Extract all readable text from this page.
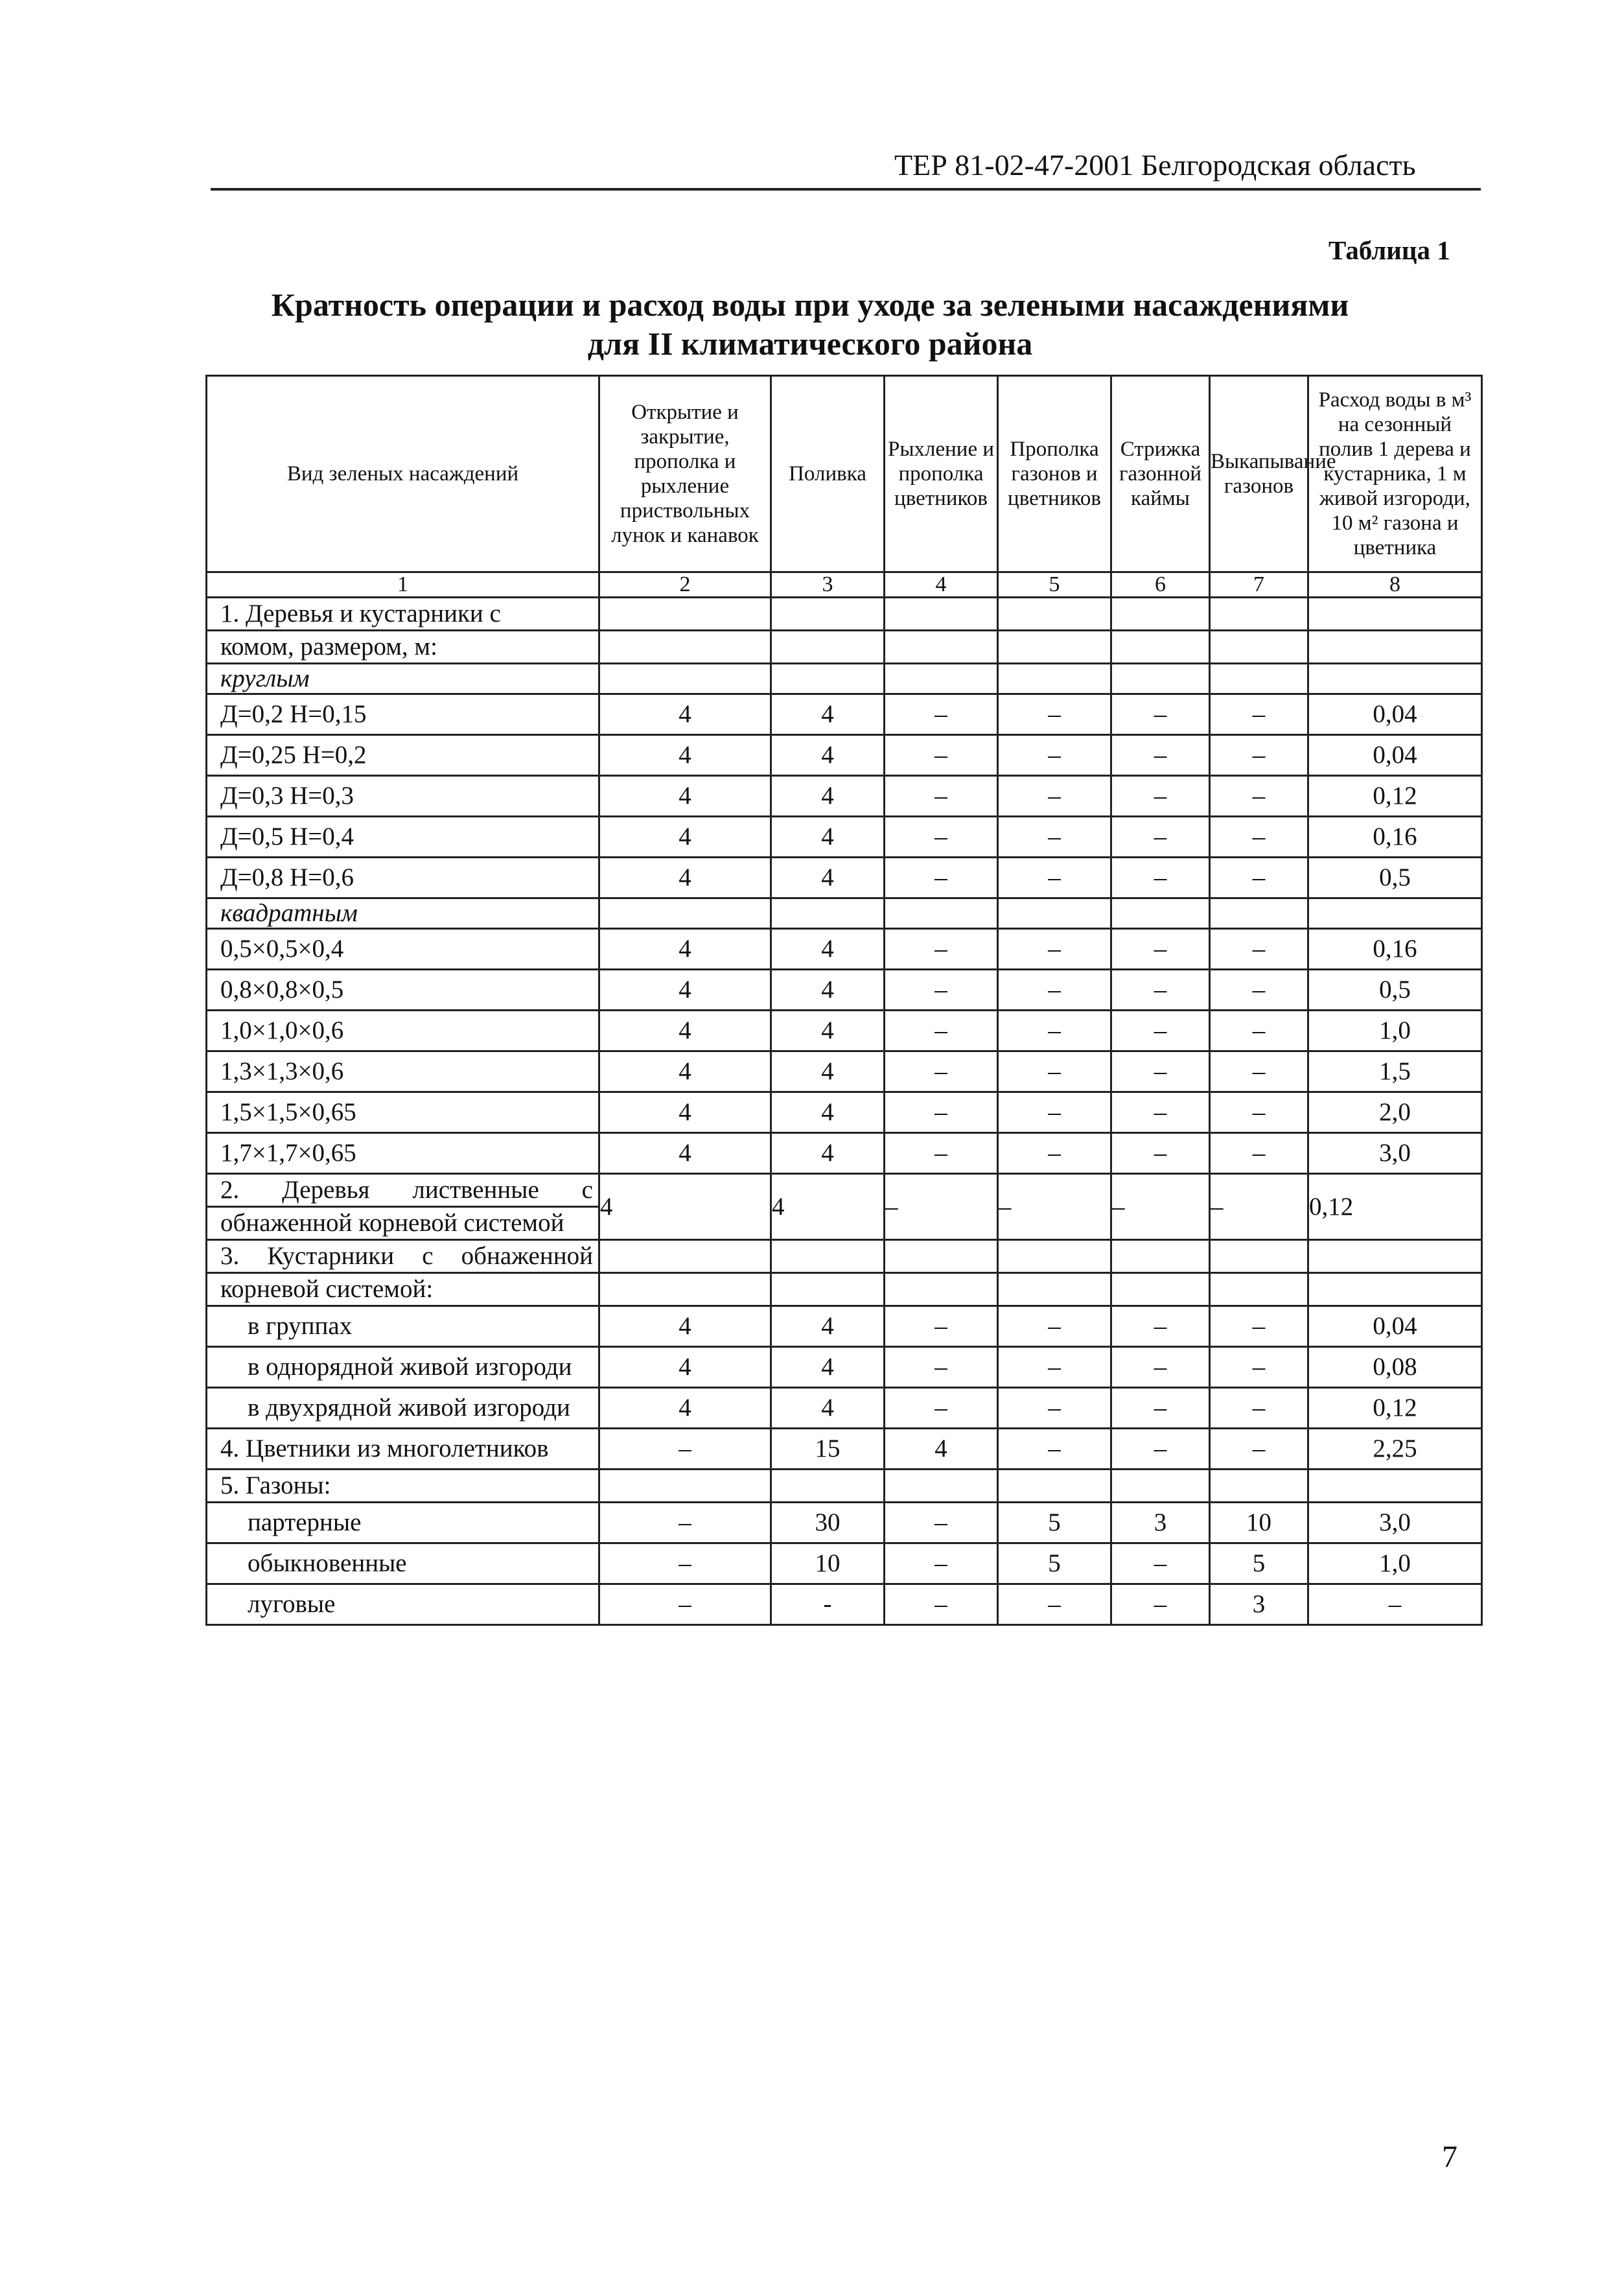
ТЕР 81-02-47-2001 Белгородская область
Таблица 1
Кратность операции и расход воды при уходе за зелеными насаждениями
для II климатического района
Вид зеленых насаждений	Открытие и закрытие, прополка и рыхление приствольных лунок и канавок	Поливка	Рыхление и прополка цветников	Прополка газонов и цветников	Стрижка газонной каймы	Выкапывание газонов	Расход воды в м³ на сезонный полив 1 дерева и кустарника, 1 м живой изгороди, 10 м² газона и цветника
1	2	3	4	5	6	7	8
1. Деревья и кустарники с							
комом, размером, м:							
круглым							
Д=0,2 Н=0,15	4	4	–	–	–	–	0,04
Д=0,25 Н=0,2	4	4	–	–	–	–	0,04
Д=0,3 Н=0,3	4	4	–	–	–	–	0,12
Д=0,5 Н=0,4	4	4	–	–	–	–	0,16
Д=0,8 Н=0,6	4	4	–	–	–	–	0,5
квадратным							
0,5×0,5×0,4	4	4	–	–	–	–	0,16
0,8×0,8×0,5	4	4	–	–	–	–	0,5
1,0×1,0×0,6	4	4	–	–	–	–	1,0
1,3×1,3×0,6	4	4	–	–	–	–	1,5
1,5×1,5×0,65	4	4	–	–	–	–	2,0
1,7×1,7×0,65	4	4	–	–	–	–	3,0
2. Деревья лиственные с	4	4	–	–	–	–	0,12
обнаженной корневой системой							
3. Кустарники с обнаженной							
корневой системой:							
в группах	4	4	–	–	–	–	0,04
в однорядной живой изгороди	4	4	–	–	–	–	0,08
в двухрядной живой изгороди	4	4	–	–	–	–	0,12
4. Цветники из многолетников	–	15	4	–	–	–	2,25
5. Газоны:							
партерные	–	30	–	5	3	10	3,0
обыкновенные	–	10	–	5	–	5	1,0
луговые	–	-	–	–	–	3	–
7
